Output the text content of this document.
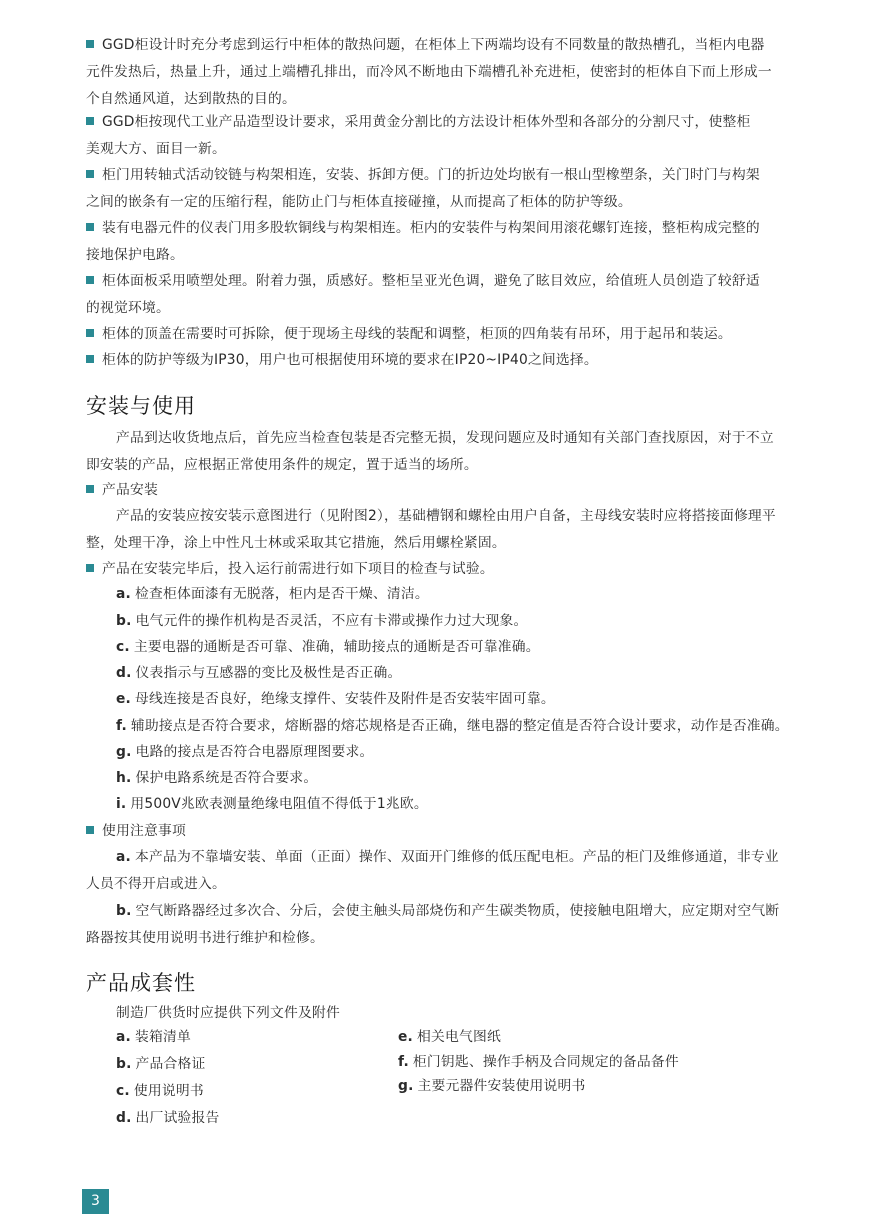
GGD柜设计时充分考虑到运行中柜体的散热问题，在柜体上下两端均设有不同数量的散热槽孔，当柜内电器
元件发热后，热量上升，通过上端槽孔排出，而冷风不断地由下端槽孔补充进柜，使密封的柜体自下而上形成一
个自然通风道，达到散热的目的。
GGD柜按现代工业产品造型设计要求，采用黄金分割比的方法设计柜体外型和各部分的分割尺寸，使整柜
美观大方、面目一新。
柜门用转轴式活动铰链与构架相连，安装、拆卸方便。门的折边处均嵌有一根山型橡塑条，关门时门与构架
之间的嵌条有一定的压缩行程，能防止门与柜体直接碰撞，从而提高了柜体的防护等级。
装有电器元件的仪表门用多股软铜线与构架相连。柜内的安装件与构架间用滚花螺钉连接，整柜构成完整的
接地保护电路。
柜体面板采用喷塑处理。附着力强，质感好。整柜呈亚光色调，避免了眩目效应，给值班人员创造了较舒适
的视觉环境。
柜体的顶盖在需要时可拆除，便于现场主母线的装配和调整，柜顶的四角装有吊环，用于起吊和装运。
柜体的防护等级为IP30，用户也可根据使用环境的要求在IP20~IP40之间选择。
安装与使用
产品到达收货地点后，首先应当检查包装是否完整无损，发现问题应及时通知有关部门查找原因，对于不立
即安装的产品，应根据正常使用条件的规定，置于适当的场所。
产品安装
产品的安装应按安装示意图进行（见附图2），基础槽钢和螺栓由用户自备，主母线安装时应将搭接面修理平
整，处理干净，涂上中性凡士林或采取其它措施，然后用螺栓紧固。
产品在安装完毕后，投入运行前需进行如下项目的检查与试验。
a. 检查柜体面漆有无脱落，柜内是否干燥、清洁。
b. 电气元件的操作机构是否灵活，不应有卡滞或操作力过大现象。
c. 主要电器的通断是否可靠、准确，辅助接点的通断是否可靠准确。
d. 仪表指示与互感器的变比及极性是否正确。
e. 母线连接是否良好，绝缘支撑件、安装件及附件是否安装牢固可靠。
f. 辅助接点是否符合要求，熔断器的熔芯规格是否正确，继电器的整定值是否符合设计要求，动作是否准确。
g. 电路的接点是否符合电器原理图要求。
h. 保护电路系统是否符合要求。
i. 用500V兆欧表测量绝缘电阻值不得低于1兆欧。
使用注意事项
a. 本产品为不靠墙安装、单面（正面）操作、双面开门维修的低压配电柜。产品的柜门及维修通道，非专业
人员不得开启或进入。
b. 空气断路器经过多次合、分后，会使主触头局部烧伤和产生碳类物质，使接触电阻增大，应定期对空气断
路器按其使用说明书进行维护和检修。
产品成套性
制造厂供货时应提供下列文件及附件
a. 装箱清单
b. 产品合格证
c. 使用说明书
d. 出厂试验报告
e. 相关电气图纸
f. 柜门钥匙、操作手柄及合同规定的备品备件
g. 主要元器件安装使用说明书
3
